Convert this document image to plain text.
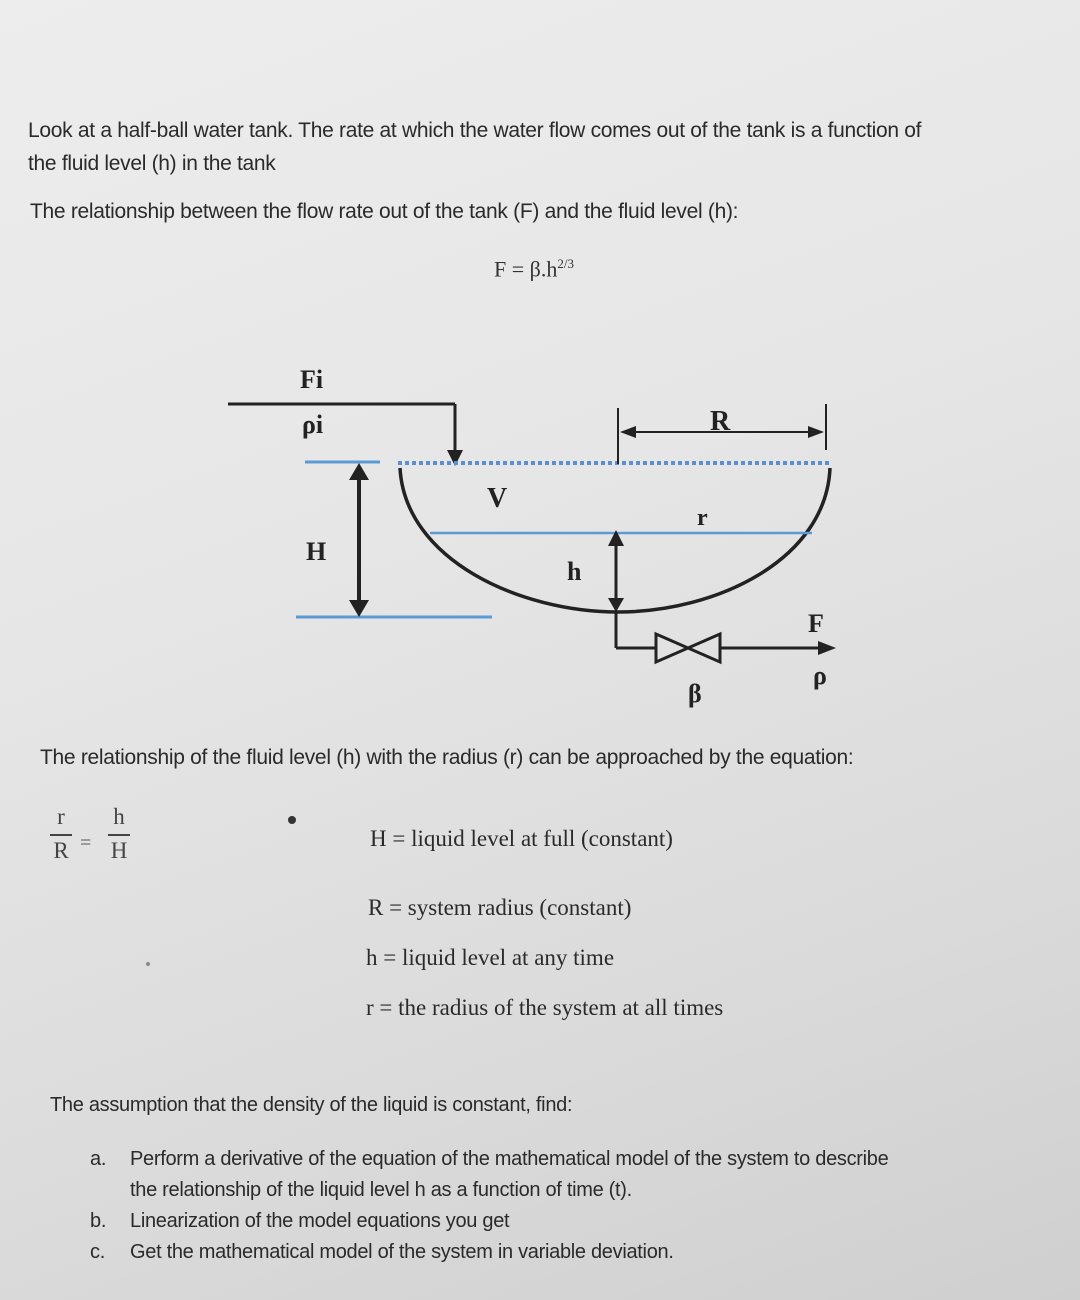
Look at a half-ball water tank. The rate at which the water flow comes out of the tank is a function of
the fluid level (h) in the tank
The relationship between the flow rate out of the tank (F) and the fluid level (h):
$F = \beta.h^{2/3}$
Fi
ρi	R
V
r
H
h
F
ρ
β
The relationship of the fluid level (h) with the radius (r) can be approached by the equation:
r
R =
h
H	H = liquid level at full (constant)
R = system radius (constant)
h = liquid level at any time
r = the radius of the system at all times
The assumption that the density of the liquid is constant, find:
a. Perform a derivative of the equation of the mathematical model of the system to describe
the relationship of the liquid level h as a function of time (t).
b. Linearization of the model equations you get
c. Get the mathematical model of the system in variable deviation.
